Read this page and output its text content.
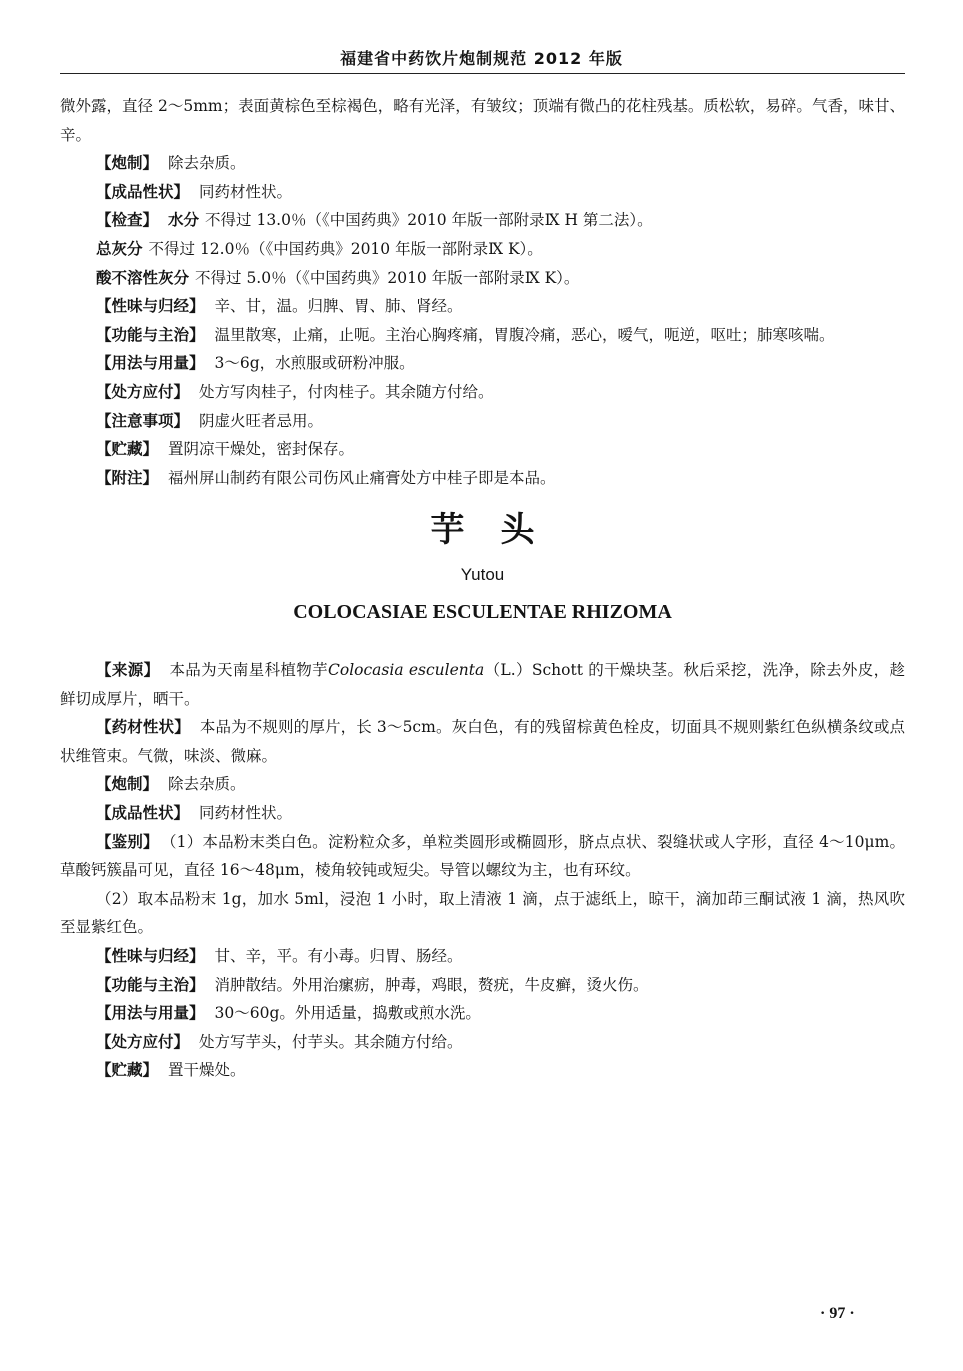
福建省中药饮片炮制规范 2012 年版

微外露，直径 2～5mm；表面黄棕色至棕褐色，略有光泽，有皱纹；顶端有微凸的花柱残基。质松软，易碎。气香，味甘、辛。

【炮制】 除去杂质。

【成品性状】 同药材性状。

【检查】 水分 不得过 13.0％（《中国药典》2010 年版一部附录Ⅸ H 第二法）。

总灰分 不得过 12.0％（《中国药典》2010 年版一部附录Ⅸ K）。

酸不溶性灰分 不得过 5.0％（《中国药典》2010 年版一部附录Ⅸ K）。

【性味与归经】 辛、甘，温。归脾、胃、肺、肾经。

【功能与主治】 温里散寒，止痛，止呃。主治心胸疼痛，胃腹冷痛，恶心，嗳气，呃逆，呕吐；肺寒咳喘。

【用法与用量】 3～6g，水煎服或研粉冲服。

【处方应付】 处方写肉桂子，付肉桂子。其余随方付给。

【注意事项】 阴虚火旺者忌用。

【贮藏】 置阴凉干燥处，密封保存。

【附注】 福州屏山制药有限公司伤风止痛膏处方中桂子即是本品。

芋头
Yutou
COLOCASIAE ESCULENTAE RHIZOMA

【来源】 本品为天南星科植物芋Colocasia esculenta（L.）Schott 的干燥块茎。秋后采挖，洗净，除去外皮，趁鲜切成厚片，晒干。

【药材性状】 本品为不规则的厚片，长 3～5cm。灰白色，有的残留棕黄色栓皮，切面具不规则紫红色纵横条纹或点状维管束。气微，味淡、微麻。

【炮制】 除去杂质。

【成品性状】 同药材性状。

【鉴别】 （1）本品粉末类白色。淀粉粒众多，单粒类圆形或椭圆形，脐点点状、裂缝状或人字形，直径 4～10μm。草酸钙簇晶可见，直径 16～48μm，棱角较钝或短尖。导管以螺纹为主，也有环纹。

（2）取本品粉末 1g，加水 5ml，浸泡 1 小时，取上清液 1 滴，点于滤纸上，晾干，滴加茚三酮试液 1 滴，热风吹至显紫红色。

【性味与归经】 甘、辛，平。有小毒。归胃、肠经。

【功能与主治】 消肿散结。外用治瘰疬，肿毒，鸡眼，赘疣，牛皮癣，烫火伤。

【用法与用量】 30～60g。外用适量，捣敷或煎水洗。

【处方应付】 处方写芋头，付芋头。其余随方付给。

【贮藏】 置干燥处。

· 97 ·
